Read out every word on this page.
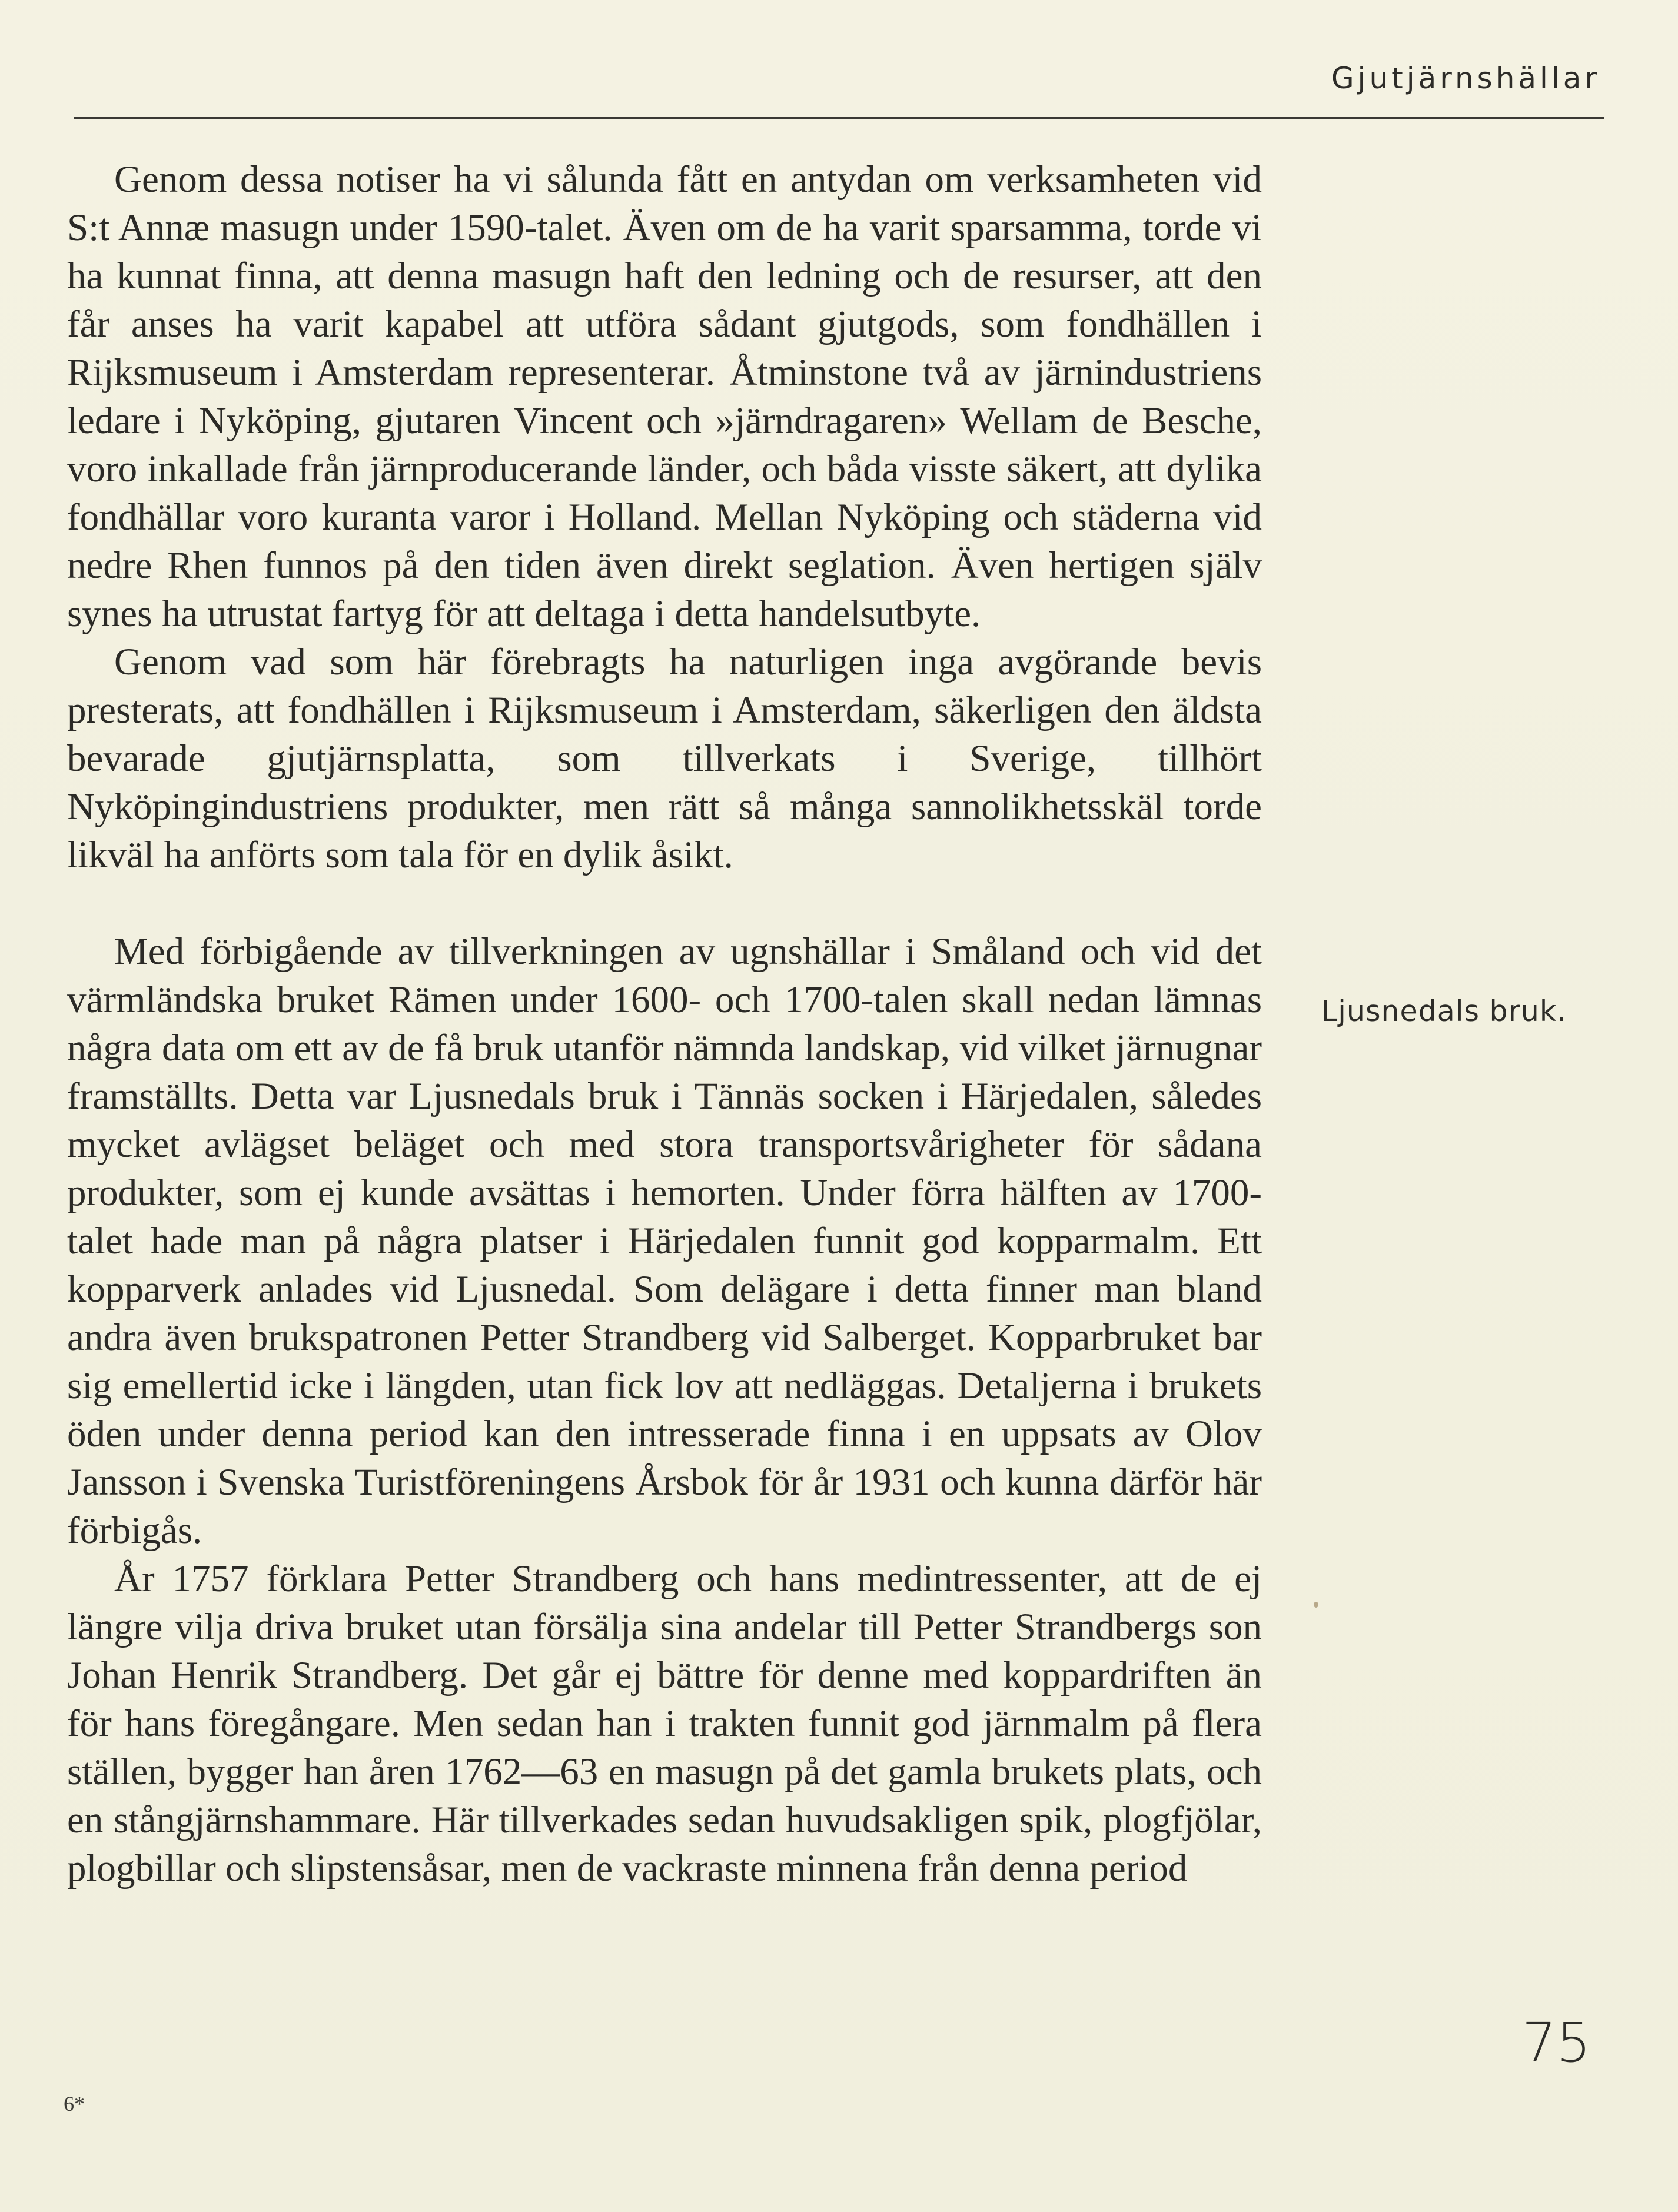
Gjutjärnshällar

Genom dessa notiser ha vi sålunda fått en antydan om verksamheten vid S:t Annæ masugn under 1590-talet. Även om de ha varit sparsamma, torde vi ha kunnat finna, att denna masugn haft den ledning och de resurser, att den får anses ha varit kapabel att utföra sådant gjutgods, som fondhällen i Rijksmuseum i Amsterdam representerar. Åtminstone två av järnindustriens ledare i Nyköping, gjutaren Vincent och »järndragaren» Wellam de Besche, voro inkallade från järnproducerande länder, och båda visste säkert, att dylika fondhällar voro kuranta varor i Holland. Mellan Nyköping och städerna vid nedre Rhen funnos på den tiden även direkt seglation. Även hertigen själv synes ha utrustat fartyg för att deltaga i detta handelsutbyte.

Genom vad som här förebragts ha naturligen inga avgörande bevis presterats, att fondhällen i Rijksmuseum i Amsterdam, säkerligen den äldsta bevarade gjutjärnsplatta, som tillverkats i Sverige, tillhört Nyköpingindustriens produkter, men rätt så många sannolikhetsskäl torde likväl ha anförts som tala för en dylik åsikt.

Med förbigående av tillverkningen av ugnshällar i Småland och vid det värmländska bruket Rämen under 1600- och 1700-talen skall nedan lämnas några data om ett av de få bruk utanför nämnda landskap, vid vilket järnugnar framställts. Detta var Ljusnedals bruk i Tännäs socken i Härjedalen, således mycket avlägset beläget och med stora transportsvårigheter för sådana produkter, som ej kunde avsättas i hemorten. Under förra hälften av 1700-talet hade man på några platser i Härjedalen funnit god kopparmalm. Ett kopparverk anlades vid Ljusnedal. Som delägare i detta finner man bland andra även brukspatronen Petter Strandberg vid Salberget. Kopparbruket bar sig emellertid icke i längden, utan fick lov att nedläggas. Detaljerna i brukets öden under denna period kan den intresserade finna i en uppsats av Olov Jansson i Svenska Turistföreningens Årsbok för år 1931 och kunna därför här förbigås.

År 1757 förklara Petter Strandberg och hans medintressenter, att de ej längre vilja driva bruket utan försälja sina andelar till Petter Strandbergs son Johan Henrik Strandberg. Det går ej bättre för denne med koppardriften än för hans föregångare. Men sedan han i trakten funnit god järnmalm på flera ställen, bygger han åren 1762—63 en masugn på det gamla brukets plats, och en stångjärnshammare. Här tillverkades sedan huvudsakligen spik, plogfjölar, plogbillar och slipstensåsar, men de vackraste minnena från denna period

Ljusnedals bruk.
75
6*
